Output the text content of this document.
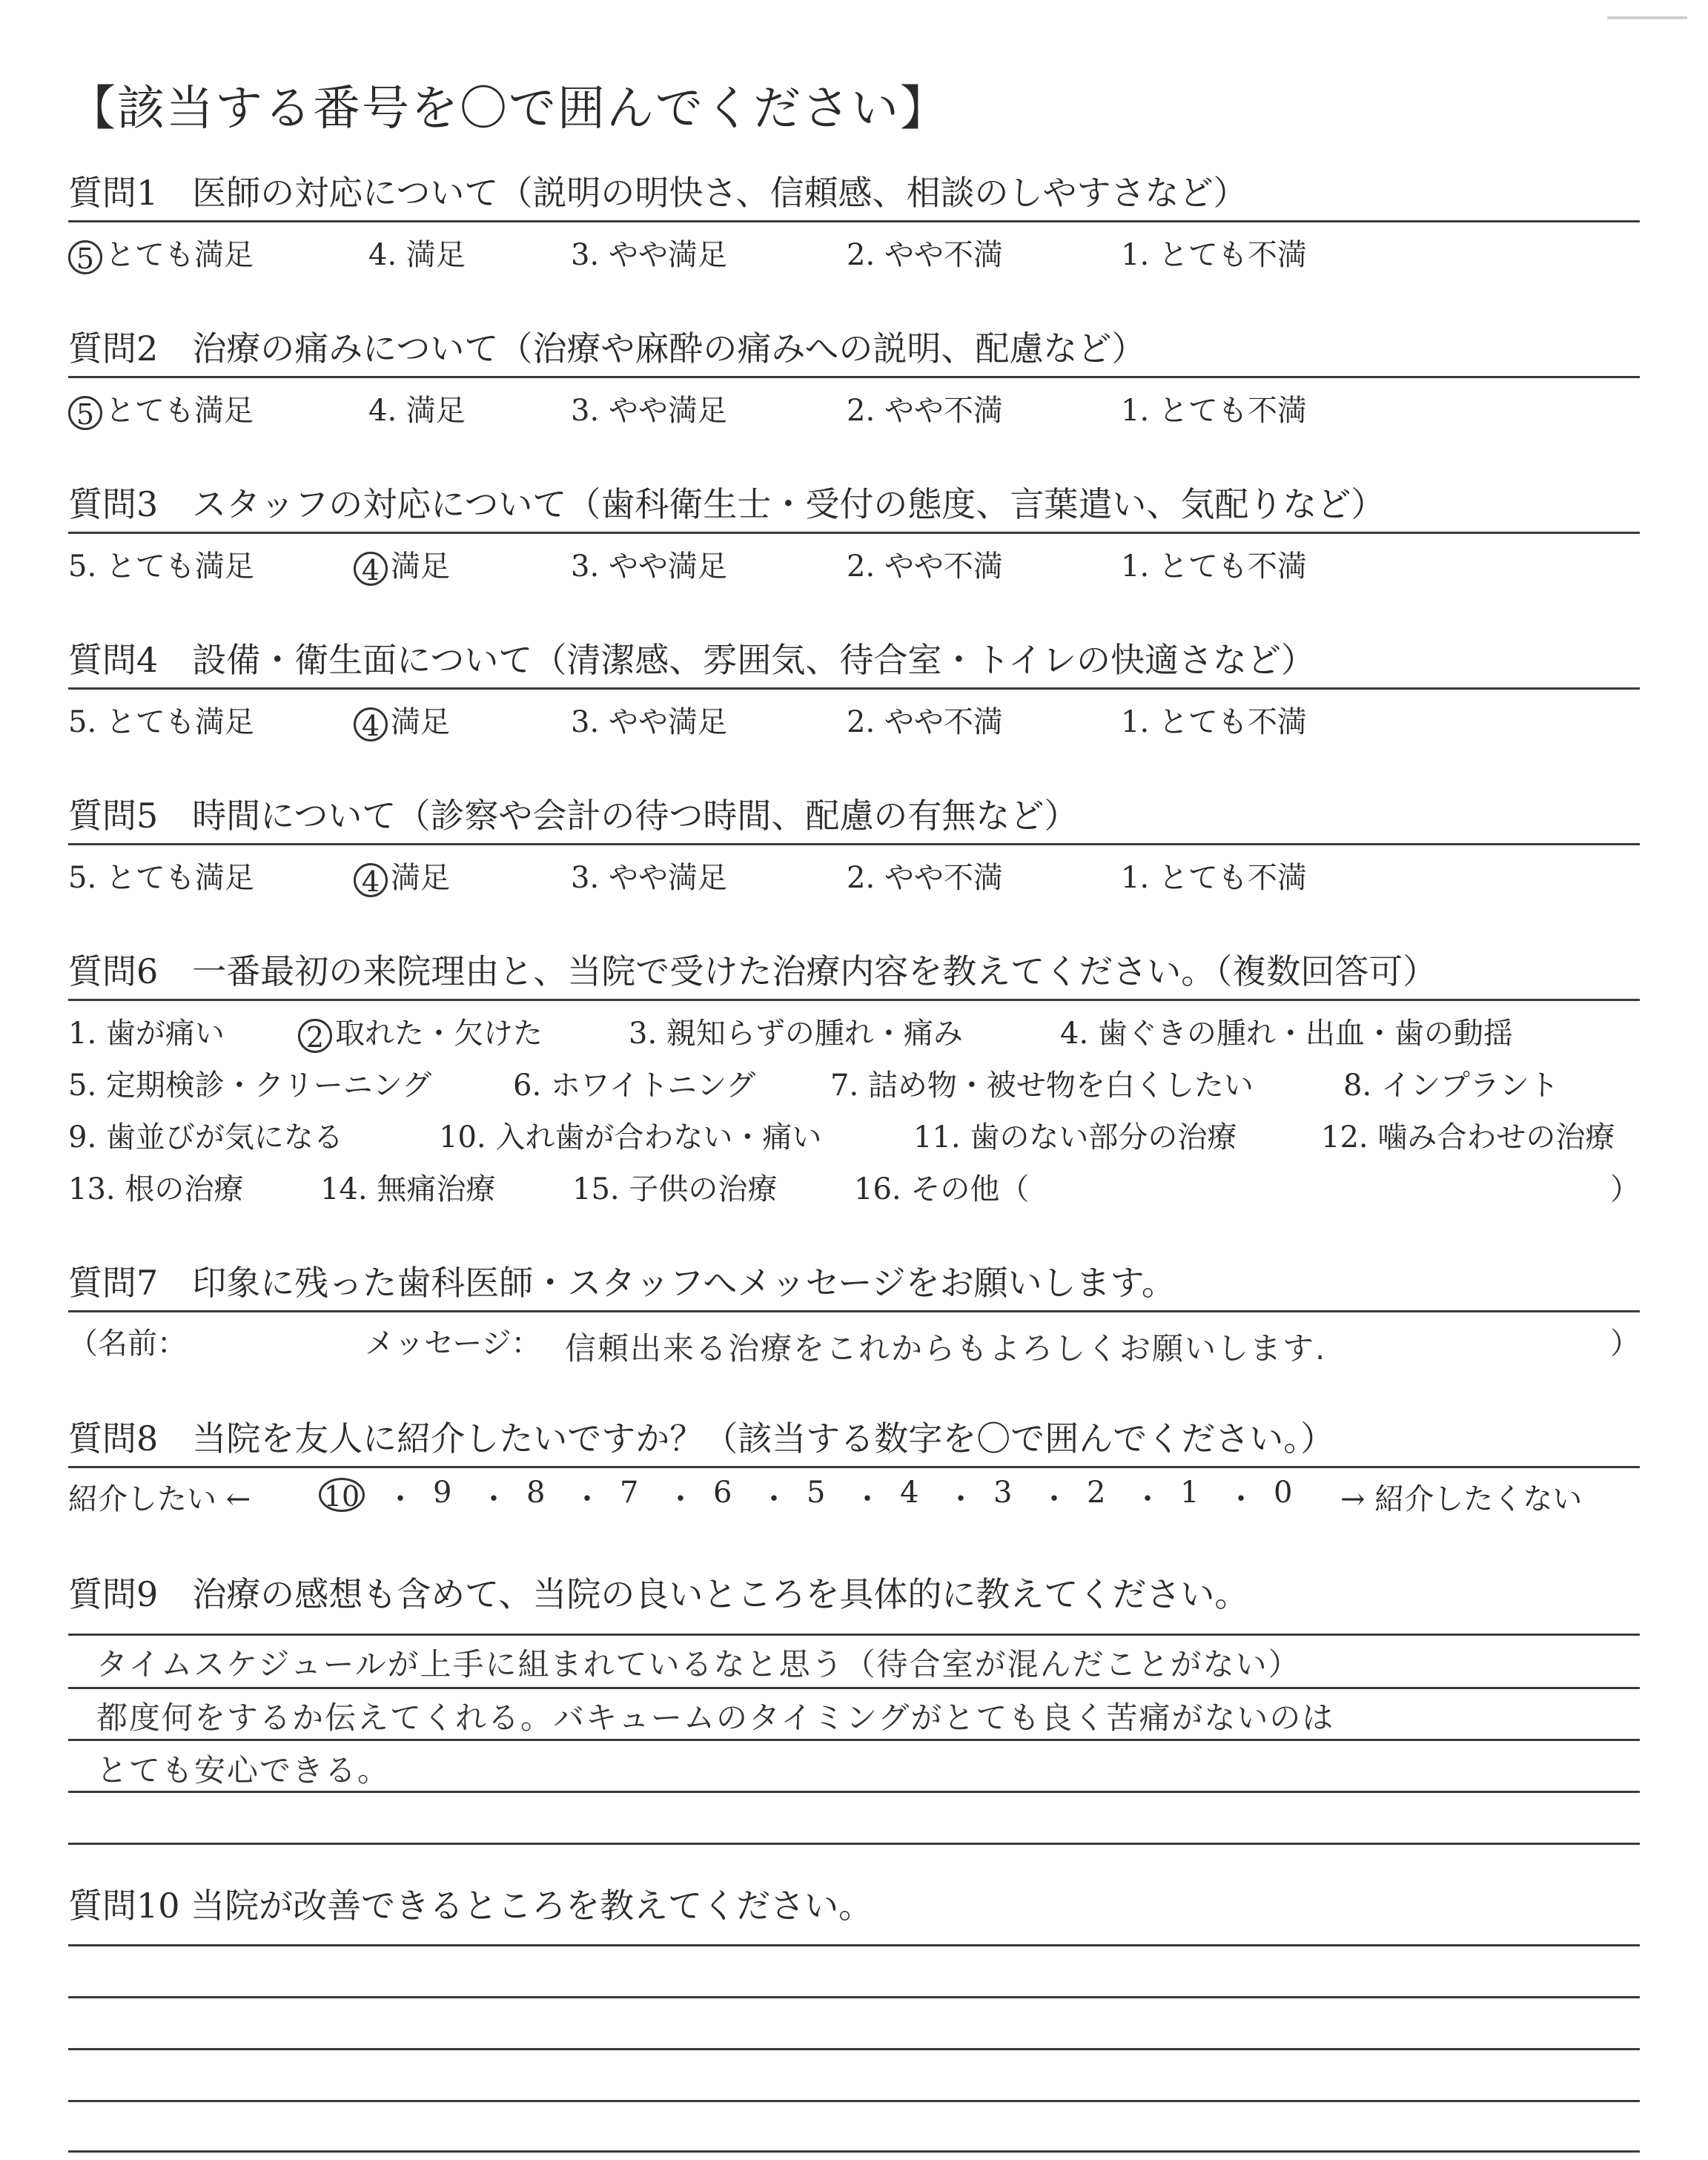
【該当する番号を〇で囲んでください】
質問1　医師の対応について（説明の明快さ、信頼感、相談のしやすさなど）
5 とても満足	4. 満足	3. やや満足	2. やや不満	1. とても不満
質問2　治療の痛みについて（治療や麻酔の痛みへの説明、配慮など）
5 とても満足	4. 満足	3. やや満足	2. やや不満	1. とても不満
質問3　スタッフの対応について（歯科衛生士・受付の態度、言葉遣い、気配りなど）
5. とても満足	4 満足	3. やや満足	2. やや不満	1. とても不満
質問4　設備・衛生面について（清潔感、雰囲気、待合室・トイレの快適さなど）
5. とても満足	4 満足	3. やや満足	2. やや不満	1. とても不満
質問5　時間について（診察や会計の待つ時間、配慮の有無など）
5. とても満足	4 満足	3. やや満足	2. やや不満	1. とても不満
質問6　一番最初の来院理由と、当院で受けた治療内容を教えてください。（複数回答可）
1. 歯が痛い	2 取れた・欠けた	3. 親知らずの腫れ・痛み	4. 歯ぐきの腫れ・出血・歯の動揺
5. 定期検診・クリーニング	6. ホワイトニング	7. 詰め物・被せ物を白くしたい	8. インプラント
9. 歯並びが気になる	10. 入れ歯が合わない・痛い	11. 歯のない部分の治療	12. 噛み合わせの治療
13. 根の治療	14. 無痛治療	15. 子供の治療	16. その他（	）
質問7　印象に残った歯科医師・スタッフへメッセージをお願いします。
（名前：	メッセージ： 信頼出来る治療をこれからもよろしくお願いします.	）
質問8　当院を友人に紹介したいですか？（該当する数字を〇で囲んでください。）
紹介したい ←	10 ・ 9 ・ 8 ・ 7 ・ 6 ・ 5 ・ 4 ・ 3 ・ 2 ・ 1 ・ 0 → 紹介したくない
質問9　治療の感想も含めて、当院の良いところを具体的に教えてください。
タイムスケジュールが上手に組まれているなと思う（待合室が混んだことがない）
都度何をするか伝えてくれる。バキュームのタイミングがとても良く苦痛がないのは
とても安心できる。
質問10 当院が改善できるところを教えてください。
